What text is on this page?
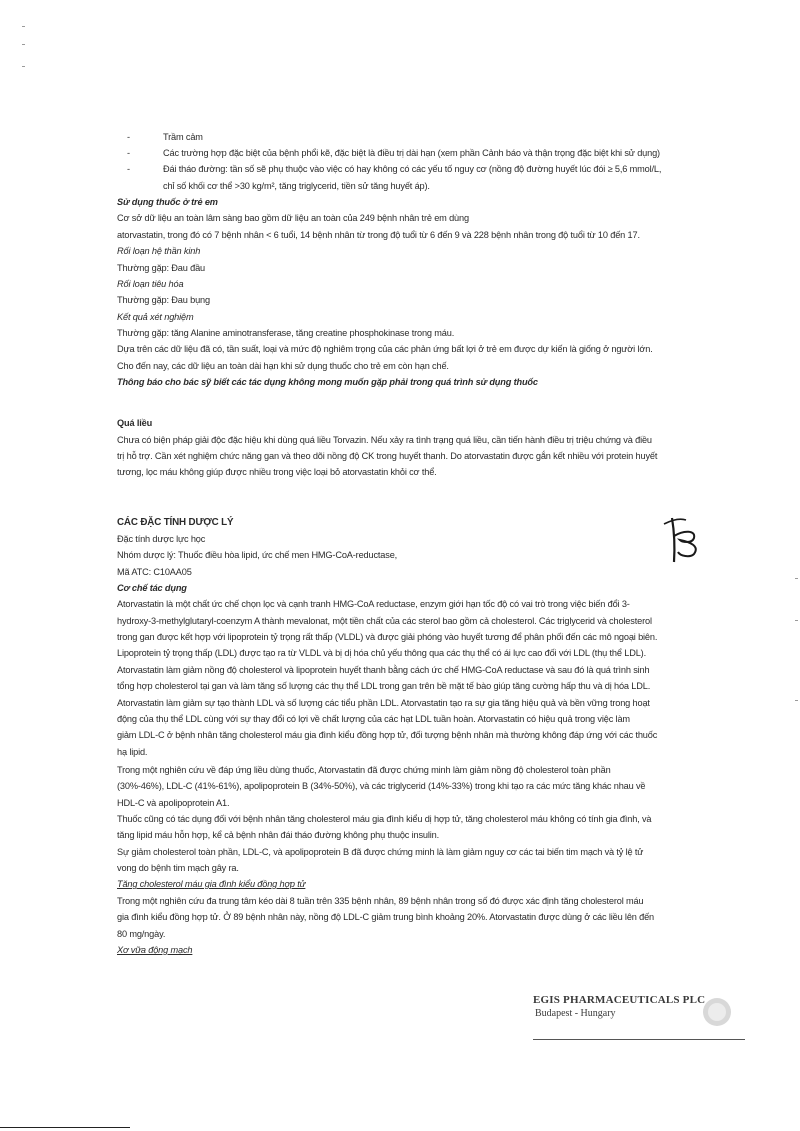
-	Trầm cảm
-	Các trường hợp đặc biệt của bệnh phổi kẽ, đặc biệt là điều trị dài hạn (xem phần Cảnh báo và thận trọng đặc biệt khi sử dụng)
-	Đái tháo đường: tần số sẽ phụ thuộc vào việc có hay không có các yếu tố nguy cơ (nồng độ đường huyết lúc đói ≥ 5,6 mmol/L,
chỉ số khối cơ thể >30 kg/m², tăng triglycerid, tiền sử tăng huyết áp).
Sử dụng thuốc ở trẻ em
Cơ sở dữ liệu an toàn lâm sàng bao gồm dữ liệu an toàn của 249 bệnh nhân trẻ em dùng
atorvastatin, trong đó có 7 bệnh nhân < 6 tuổi, 14 bệnh nhân từ trong độ tuổi từ 6 đến 9 và 228 bệnh nhân trong độ tuổi từ 10 đến 17.
Rối loạn hệ thần kinh
Thường gặp: Đau đầu
Rối loạn tiêu hóa
Thường gặp: Đau bụng
Kết quả xét nghiệm
Thường gặp: tăng Alanine aminotransferase, tăng creatine phosphokinase trong máu.
Dựa trên các dữ liệu đã có, tần suất, loại và mức độ nghiêm trọng của các phản ứng bất lợi ở trẻ em được dự kiến là giống ở người lớn.
Cho đến nay, các dữ liệu an toàn dài hạn khi sử dụng thuốc cho trẻ em còn hạn chế.
Thông báo cho bác sỹ biết các tác dụng không mong muốn gặp phải trong quá trình sử dụng thuốc
Quá liều
Chưa có biện pháp giải độc đặc hiệu khi dùng quá liều Torvazin. Nếu xảy ra tình trạng quá liều, cần tiến hành điều trị triệu chứng và điều
trị hỗ trợ. Cần xét nghiệm chức năng gan và theo dõi nồng độ CK trong huyết thanh. Do atorvastatin được gắn kết nhiều với protein huyết
tương, lọc máu không giúp được nhiều trong việc loại bỏ atorvastatin khỏi cơ thể.
CÁC ĐẶC TÍNH DƯỢC LÝ
Đặc tính dược lực học
Nhóm dược lý: Thuốc điều hòa lipid, ức chế men HMG-CoA-reductase,
Mã ATC: C10AA05
Cơ chế tác dụng
Atorvastatin là một chất ức chế chọn lọc và cạnh tranh HMG-CoA reductase, enzym giới hạn tốc độ có vai trò trong việc biến đổi 3-
hydroxy-3-methylglutaryl-coenzym A thành mevalonat, một tiền chất của các sterol bao gồm cả cholesterol. Các triglycerid và cholesterol
trong gan được kết hợp với lipoprotein tỷ trọng rất thấp (VLDL) và được giải phóng vào huyết tương để phân phối đến các mô ngoại biên.
Lipoprotein tỷ trọng thấp (LDL) được tạo ra từ VLDL và bị dị hóa chủ yếu thông qua các thụ thể có ái lực cao đối với LDL (thụ thể LDL).
Atorvastatin làm giảm nồng độ cholesterol và lipoprotein huyết thanh bằng cách ức chế HMG-CoA reductase và sau đó là quá trình sinh
tổng hợp cholesterol tại gan và làm tăng số lượng các thụ thể LDL trong gan trên bề mặt tế bào giúp tăng cường hấp thu và dị hóa LDL.
Atorvastatin làm giảm sự tạo thành LDL và số lượng các tiểu phần LDL. Atorvastatin tạo ra sự gia tăng hiệu quả và bền vững trong hoạt
động của thụ thể LDL cùng với sự thay đổi có lợi về chất lượng của các hạt LDL tuần hoàn. Atorvastatin có hiệu quả trong việc làm
giảm LDL-C ở bệnh nhân tăng cholesterol máu gia đình kiểu đồng hợp tử, đối tượng bệnh nhân mà thường không đáp ứng với các thuốc
hạ lipid.
Trong một nghiên cứu về đáp ứng liều dùng thuốc, Atorvastatin đã được chứng minh làm giảm nồng độ cholesterol toàn phần
(30%-46%), LDL-C (41%-61%), apolipoprotein B (34%-50%), và các triglycerid (14%-33%) trong khi tạo ra các mức tăng khác nhau về
HDL-C và apolipoprotein A1.
Thuốc cũng có tác dụng đối với bệnh nhân tăng cholesterol máu gia đình kiểu dị hợp tử, tăng cholesterol máu không có tính gia đình, và
tăng lipid máu hỗn hợp, kể cả bệnh nhân đái tháo đường không phụ thuộc insulin.
Sự giảm cholesterol toàn phần, LDL-C, và apolipoprotein B đã được chứng minh là làm giảm nguy cơ các tai biến tim mạch và tỷ lệ tử
vong do bệnh tim mạch gây ra.
Tăng cholesterol máu gia đình kiểu đồng hợp tử
Trong một nghiên cứu đa trung tâm kéo dài 8 tuần trên 335 bệnh nhân, 89 bệnh nhân trong số đó được xác định tăng cholesterol máu
gia đình kiểu đồng hợp tử. Ở 89 bệnh nhân này, nồng độ LDL-C giảm trung bình khoảng 20%. Atorvastatin được dùng ở các liều lên đến
80 mg/ngày.
Xơ vữa động mạch
EGIS PHARMACEUTICALS PLC
Budapest - Hungary
